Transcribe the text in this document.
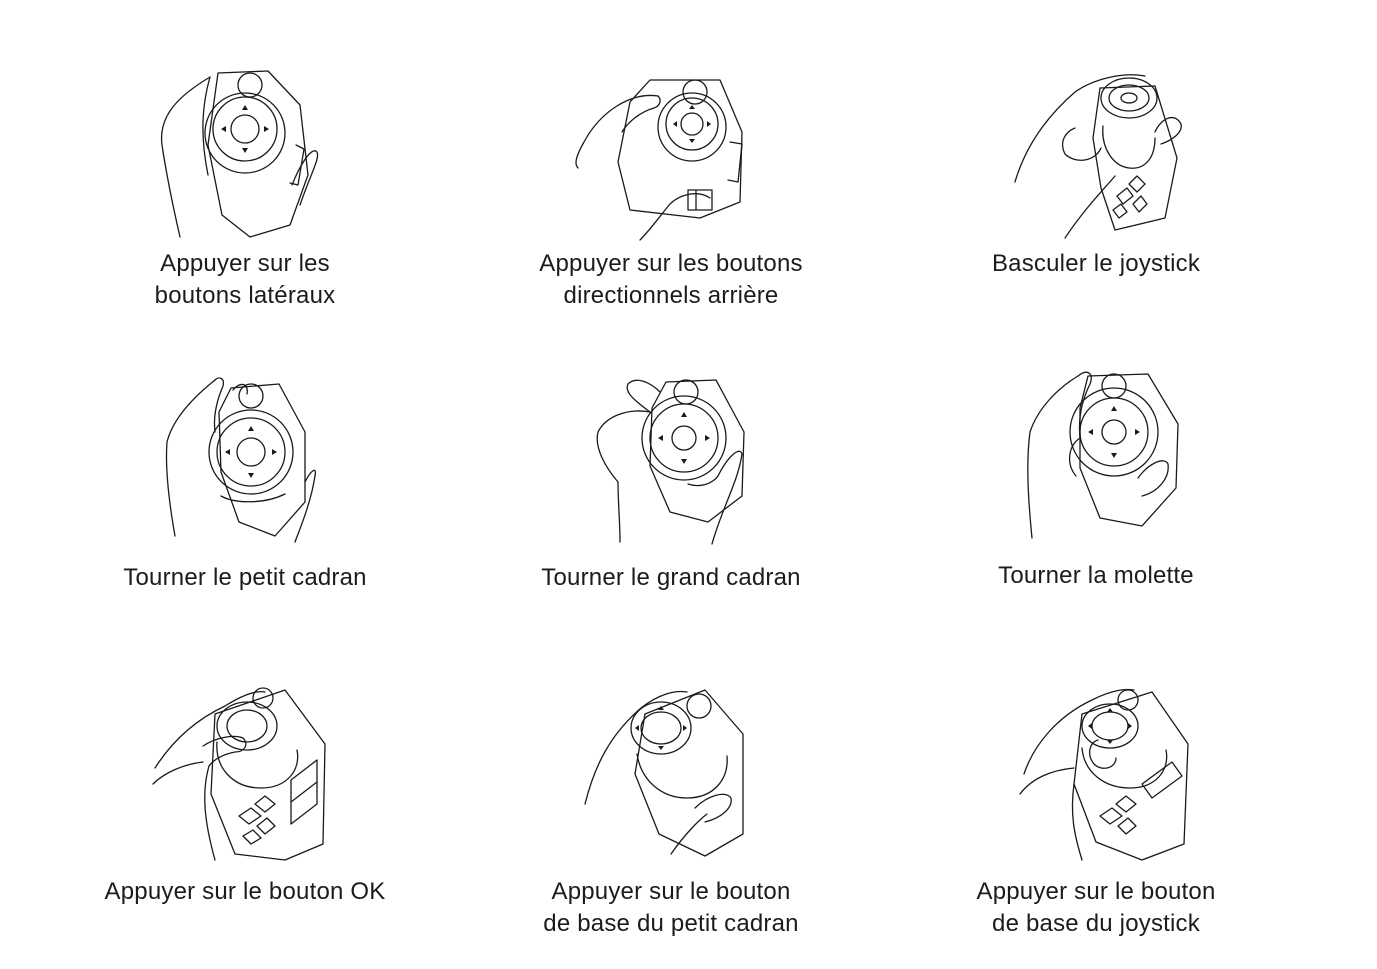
Appuyer sur les
boutons latéraux
Appuyer sur les boutons
directionnels arrière
Basculer le joystick
Tourner le petit cadran	Tourner le grand cadran	Tourner la molette
Appuyer sur le bouton OK	Appuyer sur le bouton
de base du petit cadran
Appuyer sur le bouton
de base du joystick
